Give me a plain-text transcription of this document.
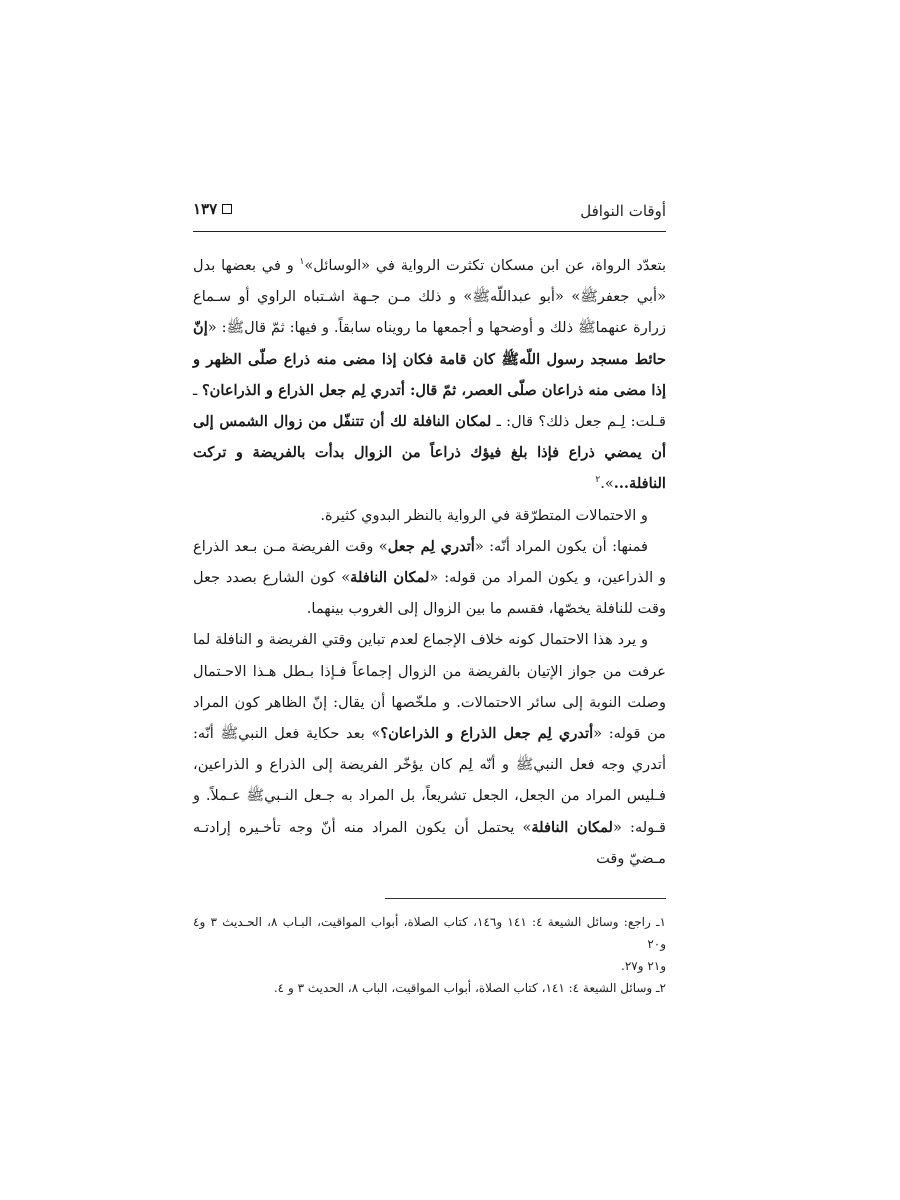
أوقات النوافل
١٣٧

بتعدّد الرواة، عن ابن مسكان تكثرت الرواية في «الوسائل»$^١$ و في بعضها بدل «أبي جعفرﷺ» «أبو عبداللّهﷺ» و ذلك مـن جـهة اشـتباه الراوي أو سـماع زرارة عنهماﷺ ذلك و أوضحها و أجمعها ما رويناه سابقاً. و فيها: ثمّ قالﷺ: «إنّ حائط مسجد رسول اللّهﷺ كان قامة فكان إذا مضى منه ذراع صلّى الظهر و إذا مضى منه ذراعان صلّى العصر، ثمّ قال: أتدري لِم جعل الذراع و الذراعان؟ ـ قـلت: لِـم جعل ذلك؟ قال: ـ لمكان النافلة لك أن تتنفّل من زوال الشمس إلى أن يمضي ذراع فإذا بلغ فيؤك ذراعاً من الزوال بدأت بالفريضة و تركت النافلة...».$^٢$

و الاحتمالات المتطرّقة في الرواية بالنظر البدوي كثيرة.

فمنها: أن يكون المراد أنّه: «أتدري لِم جعل» وقت الفريضة مـن بـعد الذراع و الذراعين، و يكون المراد من قوله: «لمكان النافلة» كون الشارع بصدد جعل وقت للنافلة يخصّها، فقسم ما بين الزوال إلى الغروب بينهما.

و يرد هذا الاحتمال كونه خلاف الإجماع لعدم تباين وقتي الفريضة و النافلة لما عرفت من جواز الإتيان بالفريضة من الزوال إجماعاً فـإذا بـطل هـذا الاحـتمال وصلت النوبة إلى سائر الاحتمالات. و ملخّصها أن يقال: إنّ الظاهر كون المراد من قوله: «أتدري لِم جعل الذراع و الذراعان؟» بعد حكاية فعل النبيﷺ أنّه: أتدري وجه فعل النبيﷺ و أنّه لِم كان يؤخّر الفريضة إلى الذراع و الذراعين، فـليس المراد من الجعل، الجعل تشريعاً، بل المراد به جـعل النـبيﷺ عـملاً. و قـوله: «لمكان النافلة» يحتمل أن يكون المراد منه أنّ وجه تأخـيره إرادتـه مـضيّ وقت

١ـ راجع: وسائل الشيعة ٤: ١٤١ و١٤٦، كتاب الصلاة، أبواب المواقيت، البـاب ٨، الحـديث ٣ و٤ و٢٠

و٢١ و٢٧.

٢ـ وسائل الشيعة ٤: ١٤١، كتاب الصلاة، أبواب المواقيت، الباب ٨، الحديث ٣ و ٤.
